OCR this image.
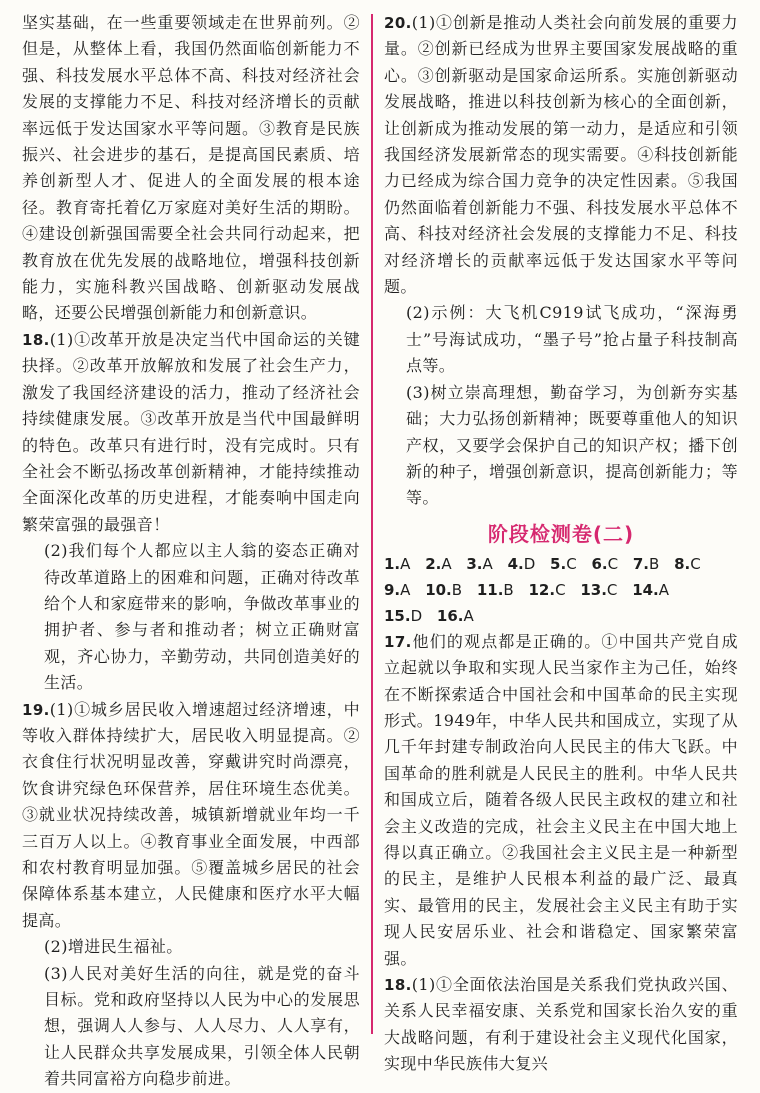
坚实基础，在一些重要领域走在世界前列。②但是，从整体上看，我国仍然面临创新能力不强、科技发展水平总体不高、科技对经济社会发展的支撑能力不足、科技对经济增长的贡献率远低于发达国家水平等问题。③教育是民族振兴、社会进步的基石，是提高国民素质、培养创新型人才、促进人的全面发展的根本途径。教育寄托着亿万家庭对美好生活的期盼。④建设创新强国需要全社会共同行动起来，把教育放在优先发展的战略地位，增强科技创新能力，实施科教兴国战略、创新驱动发展战略，还要公民增强创新能力和创新意识。
18.(1)①改革开放是决定当代中国命运的关键抉择。②改革开放解放和发展了社会生产力，激发了我国经济建设的活力，推动了经济社会持续健康发展。③改革开放是当代中国最鲜明的特色。改革只有进行时，没有完成时。只有全社会不断弘扬改革创新精神，才能持续推动全面深化改革的历史进程，才能奏响中国走向繁荣富强的最强音！
(2)我们每个人都应以主人翁的姿态正确对待改革道路上的困难和问题，正确对待改革给个人和家庭带来的影响，争做改革事业的拥护者、参与者和推动者；树立正确财富观，齐心协力，辛勤劳动，共同创造美好的生活。
19.(1)①城乡居民收入增速超过经济增速，中等收入群体持续扩大，居民收入明显提高。②衣食住行状况明显改善，穿戴讲究时尚漂亮，饮食讲究绿色环保营养，居住环境生态优美。③就业状况持续改善，城镇新增就业年均一千三百万人以上。④教育事业全面发展，中西部和农村教育明显加强。⑤覆盖城乡居民的社会保障体系基本建立，人民健康和医疗水平大幅提高。
(2)增进民生福祉。
(3)人民对美好生活的向往，就是党的奋斗目标。党和政府坚持以人民为中心的发展思想，强调人人参与、人人尽力、人人享有，让人民群众共享发展成果，引领全体人民朝着共同富裕方向稳步前进。
20.(1)①创新是推动人类社会向前发展的重要力量。②创新已经成为世界主要国家发展战略的重心。③创新驱动是国家命运所系。实施创新驱动发展战略，推进以科技创新为核心的全面创新，让创新成为推动发展的第一动力，是适应和引领我国经济发展新常态的现实需要。④科技创新能力已经成为综合国力竞争的决定性因素。⑤我国仍然面临着创新能力不强、科技发展水平总体不高、科技对经济社会发展的支撑能力不足、科技对经济增长的贡献率远低于发达国家水平等问题。
(2)示例：大飞机C919试飞成功，“深海勇士”号海试成功，“墨子号”抢占量子科技制高点等。
(3)树立崇高理想，勤奋学习，为创新夯实基础；大力弘扬创新精神；既要尊重他人的知识产权，又要学会保护自己的知识产权；播下创新的种子，增强创新意识，提高创新能力；等等。
阶段检测卷(二)
1.A 2.A 3.A 4.D 5.C 6.C 7.B 8.C
9.A 10.B 11.B 12.C 13.C 14.A
15.D 16.A
17.他们的观点都是正确的。①中国共产党自成立起就以争取和实现人民当家作主为己任，始终在不断探索适合中国社会和中国革命的民主实现形式。1949年，中华人民共和国成立，实现了从几千年封建专制政治向人民民主的伟大飞跃。中国革命的胜利就是人民民主的胜利。中华人民共和国成立后，随着各级人民民主政权的建立和社会主义改造的完成，社会主义民主在中国大地上得以真正确立。②我国社会主义民主是一种新型的民主，是维护人民根本利益的最广泛、最真实、最管用的民主，发展社会主义民主有助于实现人民安居乐业、社会和谐稳定、国家繁荣富强。
18.(1)①全面依法治国是关系我们党执政兴国、关系人民幸福安康、关系党和国家长治久安的重大战略问题，有利于建设社会主义现代化国家，实现中华民族伟大复兴
